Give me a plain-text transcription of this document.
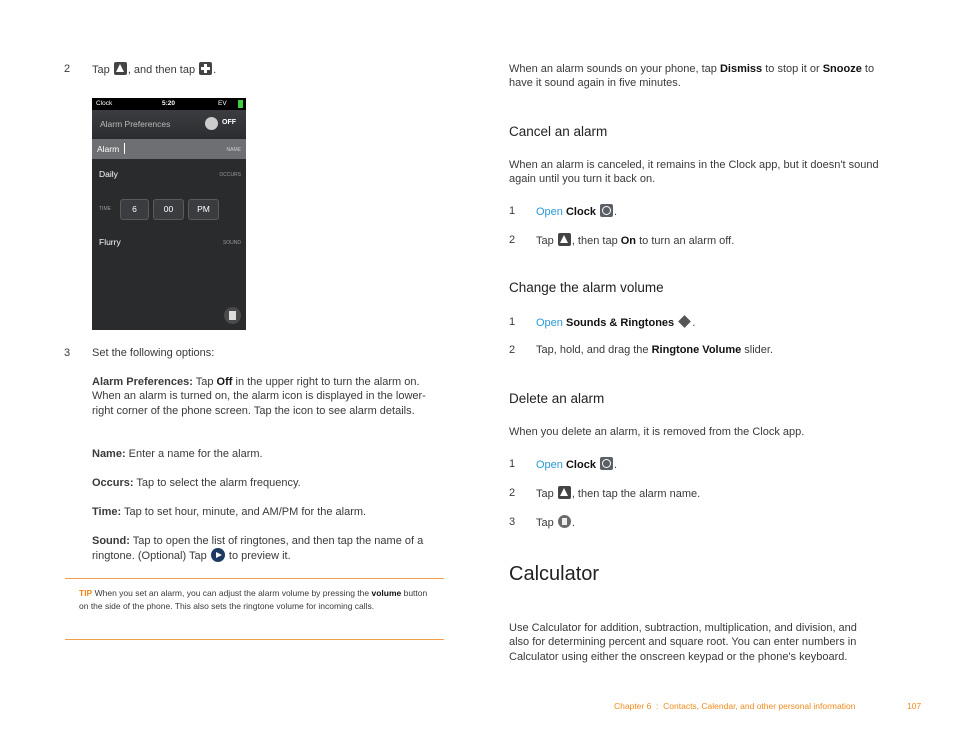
2 Tap , and then tap .
Clock	5:20	EV
Alarm Preferences	OFF
Alarm	NAME
Daily	OCCURS
TIME	6	00	PM
Flurry	SOUND
3 Set the following options:
Alarm Preferences: Tap Off in the upper right to turn the alarm on. When an alarm is turned on, the alarm icon is displayed in the lower-right corner of the phone screen. Tap the icon to see alarm details.
Name: Enter a name for the alarm.
Occurs: Tap to select the alarm frequency.
Time: Tap to set hour, minute, and AM/PM for the alarm.
Sound: Tap to open the list of ringtones, and then tap the name of a ringtone. (Optional) Tap  to preview it.
TIP When you set an alarm, you can adjust the alarm volume by pressing the volume button on the side of the phone. This also sets the ringtone volume for incoming calls.
When an alarm sounds on your phone, tap Dismiss to stop it or Snooze to have it sound again in five minutes.
Cancel an alarm
When an alarm is canceled, it remains in the Clock app, but it doesn't sound again until you turn it back on.
1 Open Clock .
2 Tap , then tap On to turn an alarm off.
Change the alarm volume
1 Open Sounds & Ringtones .
2 Tap, hold, and drag the Ringtone Volume slider.
Delete an alarm
When you delete an alarm, it is removed from the Clock app.
1 Open Clock .
2 Tap , then tap the alarm name.
3 Tap .
Calculator
Use Calculator for addition, subtraction, multiplication, and division, and also for determining percent and square root. You can enter numbers in Calculator using either the onscreen keypad or the phone's keyboard.
Chapter 6  :  Contacts, Calendar, and other personal information	107
